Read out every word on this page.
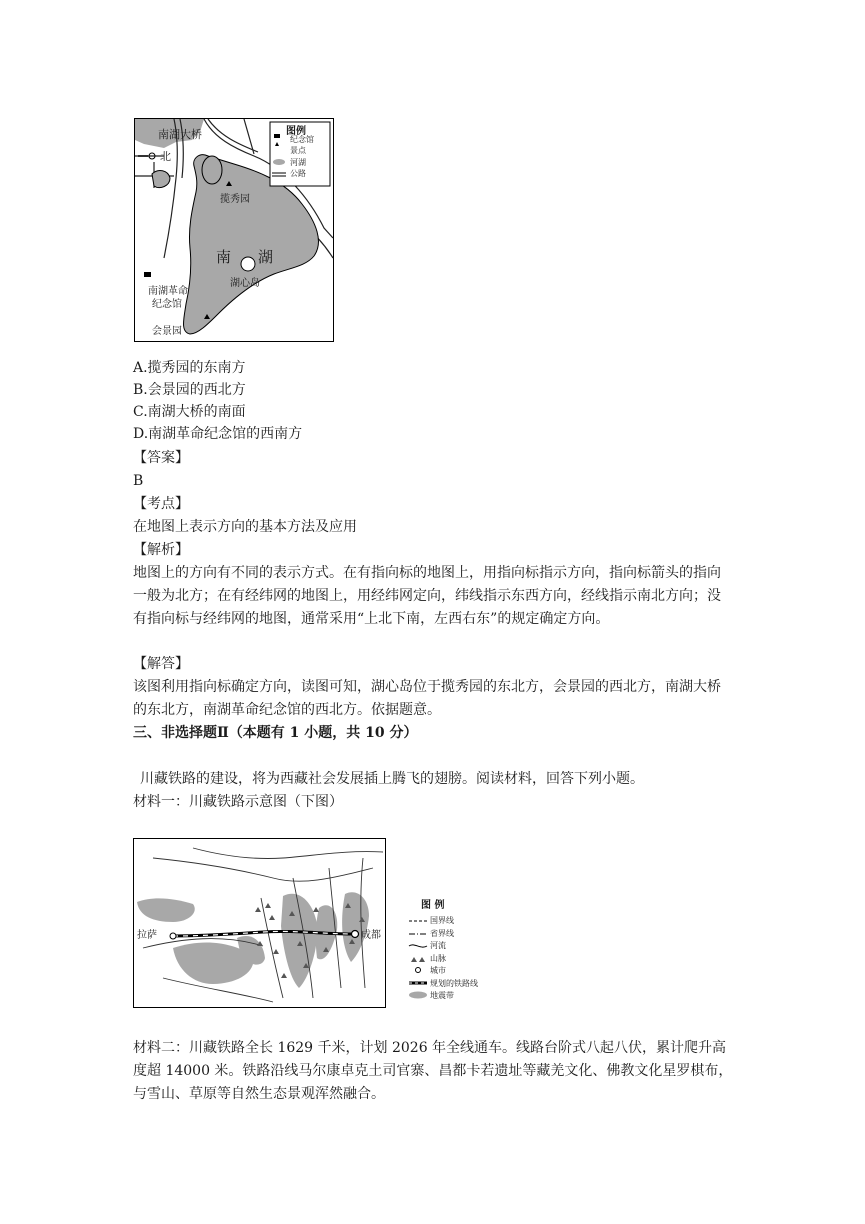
图例
纪念馆
景点
河湖
公路
南湖大桥
北
揽秀园
南 湖
湖心岛
南湖革命
纪念馆
会景园
A.揽秀园的东南方
B.会景园的西北方
C.南湖大桥的南面
D.南湖革命纪念馆的西南方
【答案】
B
【考点】
在地图上表示方向的基本方法及应用
【解析】
地图上的方向有不同的表示方式。在有指向标的地图上，用指向标指示方向，指向标箭头的指向一般为北方；在有经纬网的地图上，用经纬网定向，纬线指示东西方向，经线指示南北方向；没有指向标与经纬网的地图，通常采用“上北下南，左西右东”的规定确定方向。
【解答】
该图利用指向标确定方向，读图可知，湖心岛位于揽秀园的东北方，会景园的西北方，南湖大桥的东北方，南湖革命纪念馆的西北方。依据题意。
三、非选择题Ⅱ（本题有 1 小题，共 10 分）
川藏铁路的建设，将为西藏社会发展插上腾飞的翅膀。阅读材料，回答下列小题。
材料一：川藏铁路示意图（下图）
拉萨	成都
图 例
国界线
省界线
河流
山脉
城市
规划的铁路线
地震带
材料二：川藏铁路全长 1629 千米，计划 2026 年全线通车。线路台阶式八起八伏，累计爬升高度超 14000 米。铁路沿线马尔康卓克土司官寨、昌都卡若遗址等藏羌文化、佛教文化星罗棋布，与雪山、草原等自然生态景观浑然融合。
